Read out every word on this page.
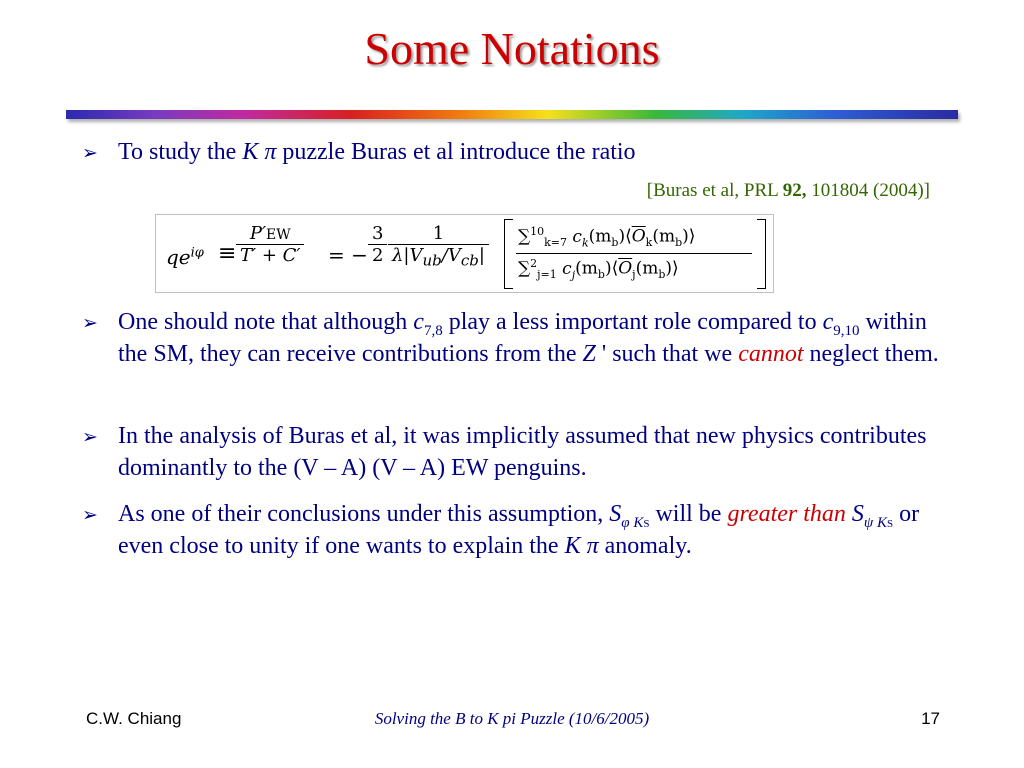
Some Notations
➢ To study the K π puzzle Buras et al introduce the ratio
[Buras et al, PRL 92, 101804 (2004)]
$qe^{i\varphi} \equiv \frac{P'EW}{T' + C'}$ = − $\frac{3}{2}$	1
$\lambda|V_{ub}/V_{cb}|$
∑$^{10}_{k=7}$ $c_k(m_b)⟨\overline{O}_k(m_b)⟩$
∑$^2_{j=1}$ $c_j(m_b)⟨\overline{O}_j(m_b)⟩$
➢ One should note that although $c_{7,8}$ play a less important role compared to $c_{9,10}$ within the SM, they can receive contributions from the Z ' such that we cannot neglect them.
➢ In the analysis of Buras et al, it was implicitly assumed that new physics contributes dominantly to the (V – A) (V – A) EW penguins.
➢ As one of their conclusions under this assumption, $S_{\varphi KS}$ will be greater than $S_{\psi KS}$ or even close to unity if one wants to explain the K π anomaly.
C.W. Chiang	Solving the B to K pi Puzzle (10/6/2005)	17
